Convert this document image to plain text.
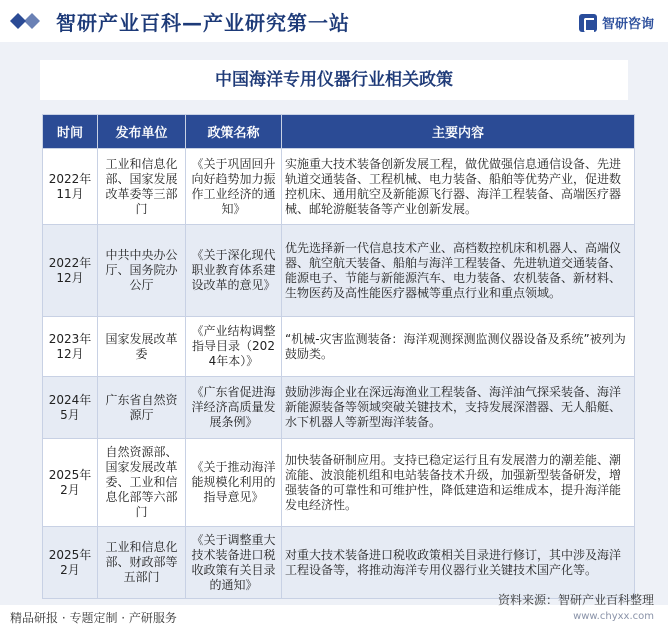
智研产业百科—产业研究第一站	智研咨询
中国海洋专用仪器行业相关政策
时间	发布单位	政策名称	主要内容
2022年11月	工业和信息化部、国家发展改革委等三部门	《关于巩固回升向好趋势加力振作工业经济的通知》	实施重大技术装备创新发展工程，做优做强信息通信设备、先进轨道交通装备、工程机械、电力装备、船舶等优势产业，促进数控机床、通用航空及新能源飞行器、海洋工程装备、高端医疗器械、邮轮游艇装备等产业创新发展。
2022年12月	中共中央办公厅、国务院办公厅	《关于深化现代职业教育体系建设改革的意见》	优先选择新一代信息技术产业、高档数控机床和机器人、高端仪器、航空航天装备、船舶与海洋工程装备、先进轨道交通装备、能源电子、节能与新能源汽车、电力装备、农机装备、新材料、生物医药及高性能医疗器械等重点行业和重点领域。
2023年12月	国家发展改革委	《产业结构调整指导目录（2024年本）》	“机械-灾害监测装备：海洋观测探测监测仪器设备及系统”被列为鼓励类。
2024年5月	广东省自然资源厅	《广东省促进海洋经济高质量发展条例》	鼓励涉海企业在深远海渔业工程装备、海洋油气探采装备、海洋新能源装备等领域突破关键技术，支持发展深潜器、无人船艇、水下机器人等新型海洋装备。
2025年2月	自然资源部、国家发展改革委、工业和信息化部等六部门	《关于推动海洋能规模化利用的指导意见》	加快装备研制应用。支持已稳定运行且有发展潜力的潮差能、潮流能、波浪能机组和电站装备技术升级，加强新型装备研发，增强装备的可靠性和可维护性，降低建造和运维成本，提升海洋能发电经济性。
2025年2月	工业和信息化部、财政部等五部门	《关于调整重大技术装备进口税收政策有关目录的通知》	对重大技术装备进口税收政策相关目录进行修订，其中涉及海洋工程设备等，将推动海洋专用仪器行业关键技术国产化等。
精品研报 · 专题定制 · 产研服务
资料来源：智研产业百科整理
www.chyxx.com
